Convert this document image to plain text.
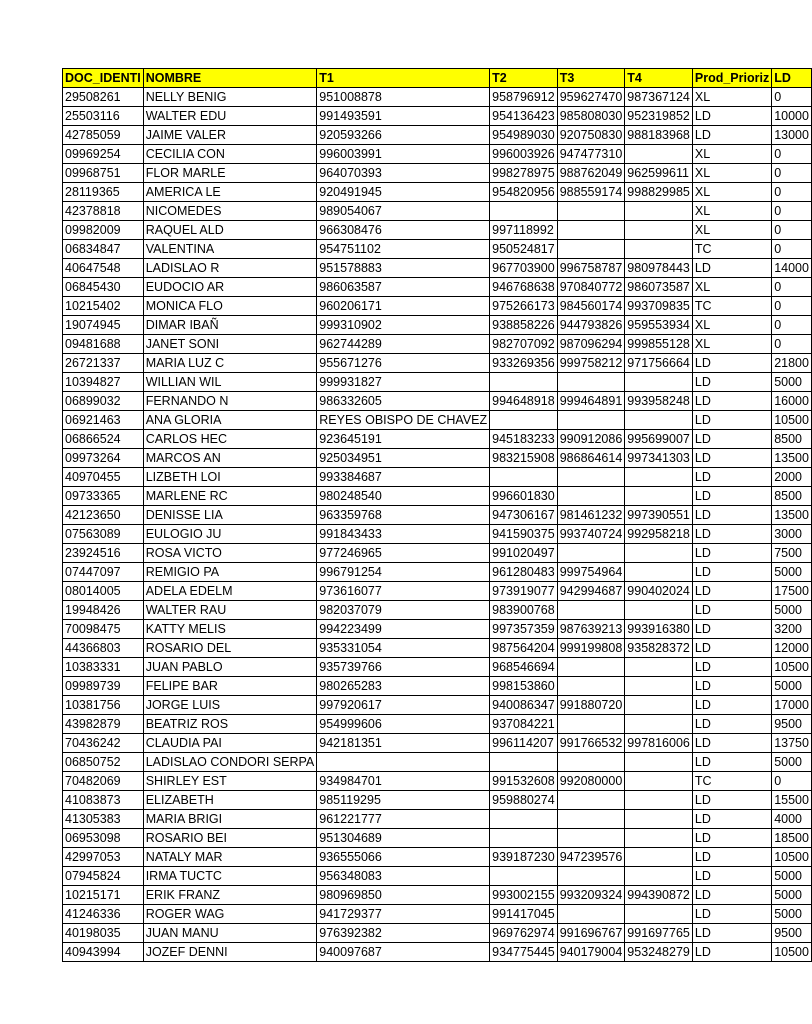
DOC_IDENTI	NOMBRE	T1	T2	T3	T4	Prod_Prioriz	LD
29508261	NELLY BENIG	951008878	958796912	959627470	987367124	XL	0
25503116	WALTER EDU	991493591	954136423	985808030	952319852	LD	10000
42785059	JAIME VALER	920593266	954989030	920750830	988183968	LD	13000
09969254	CECILIA CON	996003991	996003926	947477310		XL	0
09968751	FLOR MARLE	964070393	998278975	988762049	962599611	XL	0
28119365	AMERICA LE	920491945	954820956	988559174	998829985	XL	0
42378818	NICOMEDES	989054067				XL	0
09982009	RAQUEL ALD	966308476	997118992			XL	0
06834847	VALENTINA	954751102	950524817			TC	0
40647548	LADISLAO R	951578883	967703900	996758787	980978443	LD	14000
06845430	EUDOCIO AR	986063587	946768638	970840772	986073587	XL	0
10215402	MONICA FLO	960206171	975266173	984560174	993709835	TC	0
19074945	DIMAR IBAÑ	999310902	938858226	944793826	959553934	XL	0
09481688	JANET SONI	962744289	982707092	987096294	999855128	XL	0
26721337	MARIA LUZ C	955671276	933269356	999758212	971756664	LD	21800
10394827	WILLIAN WIL	999931827				LD	5000
06899032	FERNANDO N	986332605	994648918	999464891	993958248	LD	16000
06921463	ANA GLORIA	REYES OBISPO DE CHAVEZ				LD	10500
06866524	CARLOS HEC	923645191	945183233	990912086	995699007	LD	8500
09973264	MARCOS AN	925034951	983215908	986864614	997341303	LD	13500
40970455	LIZBETH LOI	993384687				LD	2000
09733365	MARLENE RC	980248540	996601830			LD	8500
42123650	DENISSE LIA	963359768	947306167	981461232	997390551	LD	13500
07563089	EULOGIO JU	991843433	941590375	993740724	992958218	LD	3000
23924516	ROSA VICTO	977246965	991020497			LD	7500
07447097	REMIGIO PA	996791254	961280483	999754964		LD	5000
08014005	ADELA EDELM	973616077	973919077	942994687	990402024	LD	17500
19948426	WALTER RAU	982037079	983900768			LD	5000
70098475	KATTY MELIS	994223499	997357359	987639213	993916380	LD	3200
44366803	ROSARIO DEL	935331054	987564204	999199808	935828372	LD	12000
10383331	JUAN PABLO	935739766	968546694			LD	10500
09989739	FELIPE BAR	980265283	998153860			LD	5000
10381756	JORGE LUIS	997920617	940086347	991880720		LD	17000
43982879	BEATRIZ ROS	954999606	937084221			LD	9500
70436242	CLAUDIA PAI	942181351	996114207	991766532	997816006	LD	13750
06850752	LADISLAO CONDORI SERPA					LD	5000
70482069	SHIRLEY EST	934984701	991532608	992080000		TC	0
41083873	ELIZABETH	985119295	959880274			LD	15500
41305383	MARIA BRIGI	961221777				LD	4000
06953098	ROSARIO BEI	951304689				LD	18500
42997053	NATALY MAR	936555066	939187230	947239576		LD	10500
07945824	IRMA TUCTC	956348083				LD	5000
10215171	ERIK FRANZ	980969850	993002155	993209324	994390872	LD	5000
41246336	ROGER WAG	941729377	991417045			LD	5000
40198035	JUAN MANU	976392382	969762974	991696767	991697765	LD	9500
40943994	JOZEF DENNI	940097687	934775445	940179004	953248279	LD	10500
